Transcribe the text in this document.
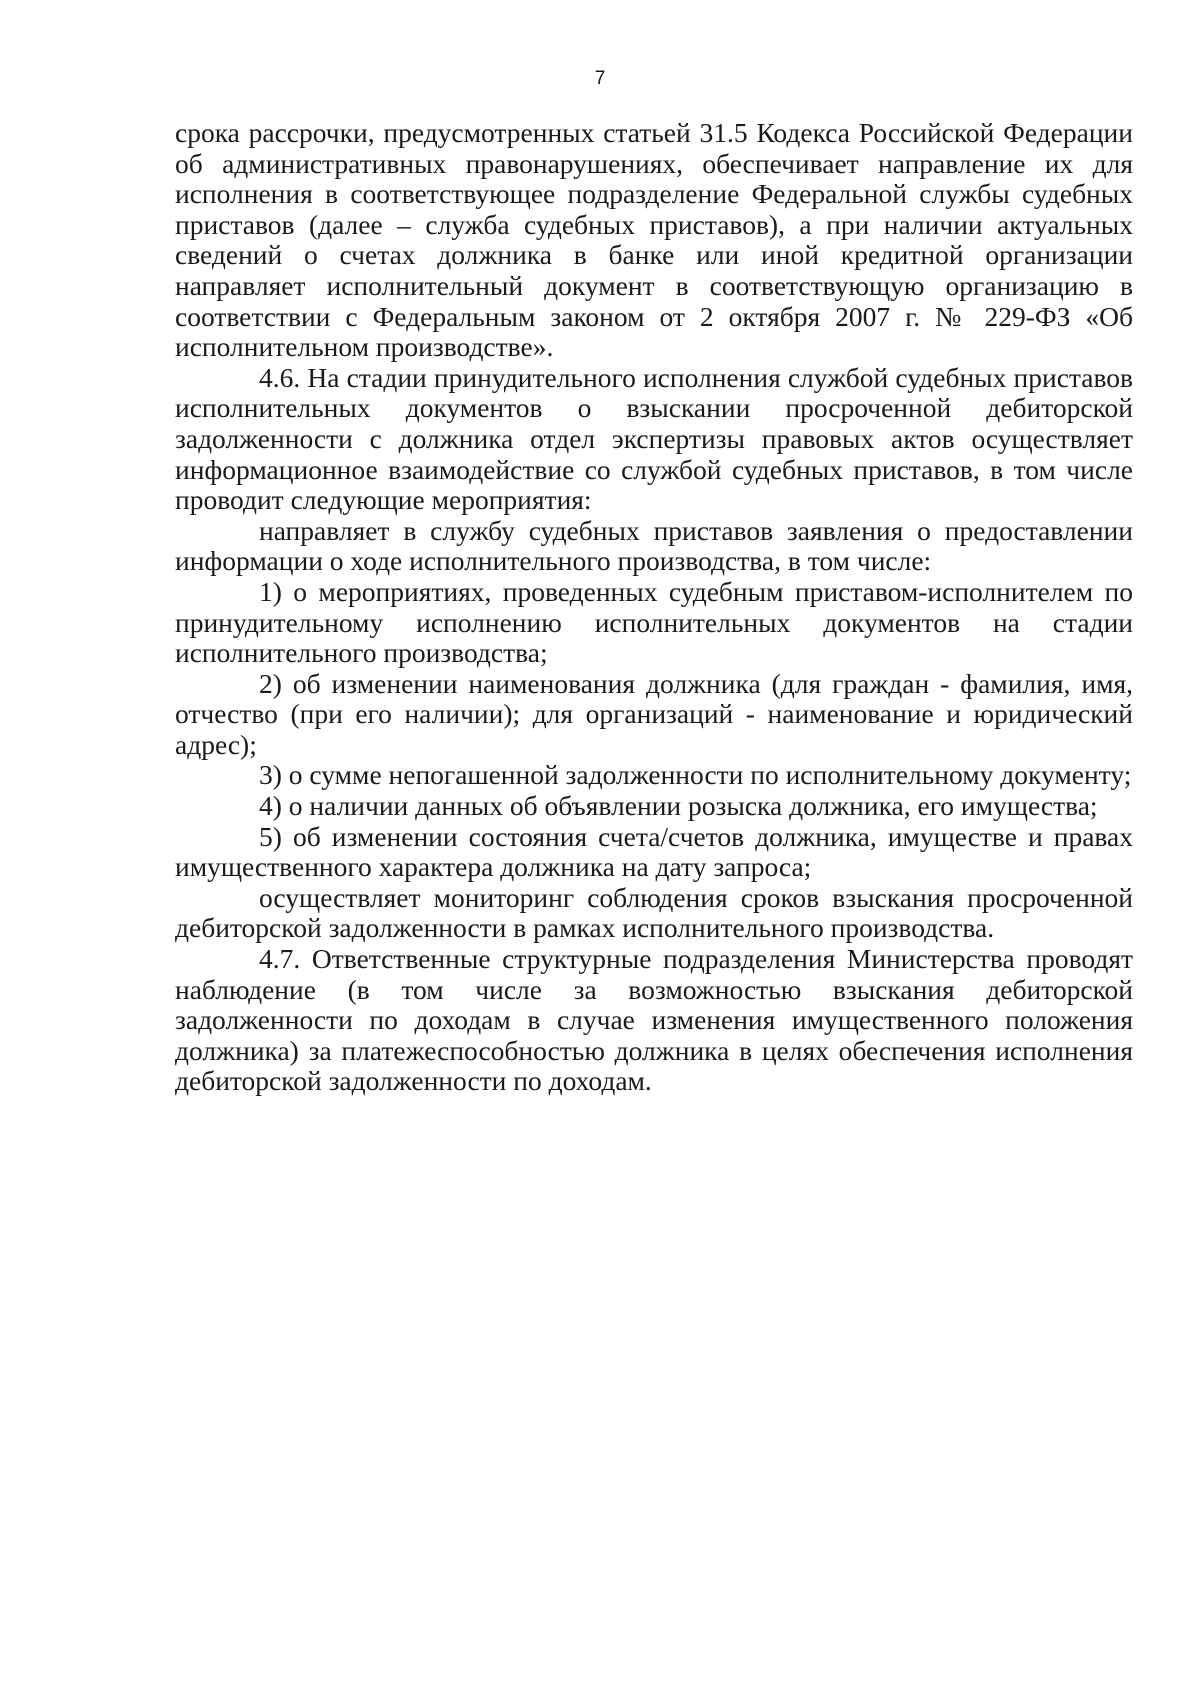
7

срока рассрочки, предусмотренных статьей 31.5 Кодекса Российской Федерации об административных правонарушениях, обеспечивает направление их для исполнения в соответствующее подразделение Федеральной службы судебных приставов (далее – служба судебных приставов), а при наличии актуальных сведений о счетах должника в банке или иной кредитной организации направляет исполнительный документ в соответствующую организацию в соответствии с Федеральным законом от 2 октября 2007 г. № 229-ФЗ «Об исполнительном производстве».

4.6. На стадии принудительного исполнения службой судебных приставов исполнительных документов о взыскании просроченной дебиторской задолженности с должника отдел экспертизы правовых актов осуществляет информационное взаимодействие со службой судебных приставов, в том числе проводит следующие мероприятия:

направляет в службу судебных приставов заявления о предоставлении информации о ходе исполнительного производства, в том числе:

1) о мероприятиях, проведенных судебным приставом-исполнителем по принудительному исполнению исполнительных документов на стадии исполнительного производства;

2) об изменении наименования должника (для граждан - фамилия, имя, отчество (при его наличии); для организаций - наименование и юридический адрес);

3) о сумме непогашенной задолженности по исполнительному документу;

4) о наличии данных об объявлении розыска должника, его имущества;

5) об изменении состояния счета/счетов должника, имуществе и правах имущественного характера должника на дату запроса;

осуществляет мониторинг соблюдения сроков взыскания просроченной дебиторской задолженности в рамках исполнительного производства.

4.7. Ответственные структурные подразделения Министерства проводят наблюдение (в том числе за возможностью взыскания дебиторской задолженности по доходам в случае изменения имущественного положения должника) за платежеспособностью должника в целях обеспечения исполнения дебиторской задолженности по доходам.
